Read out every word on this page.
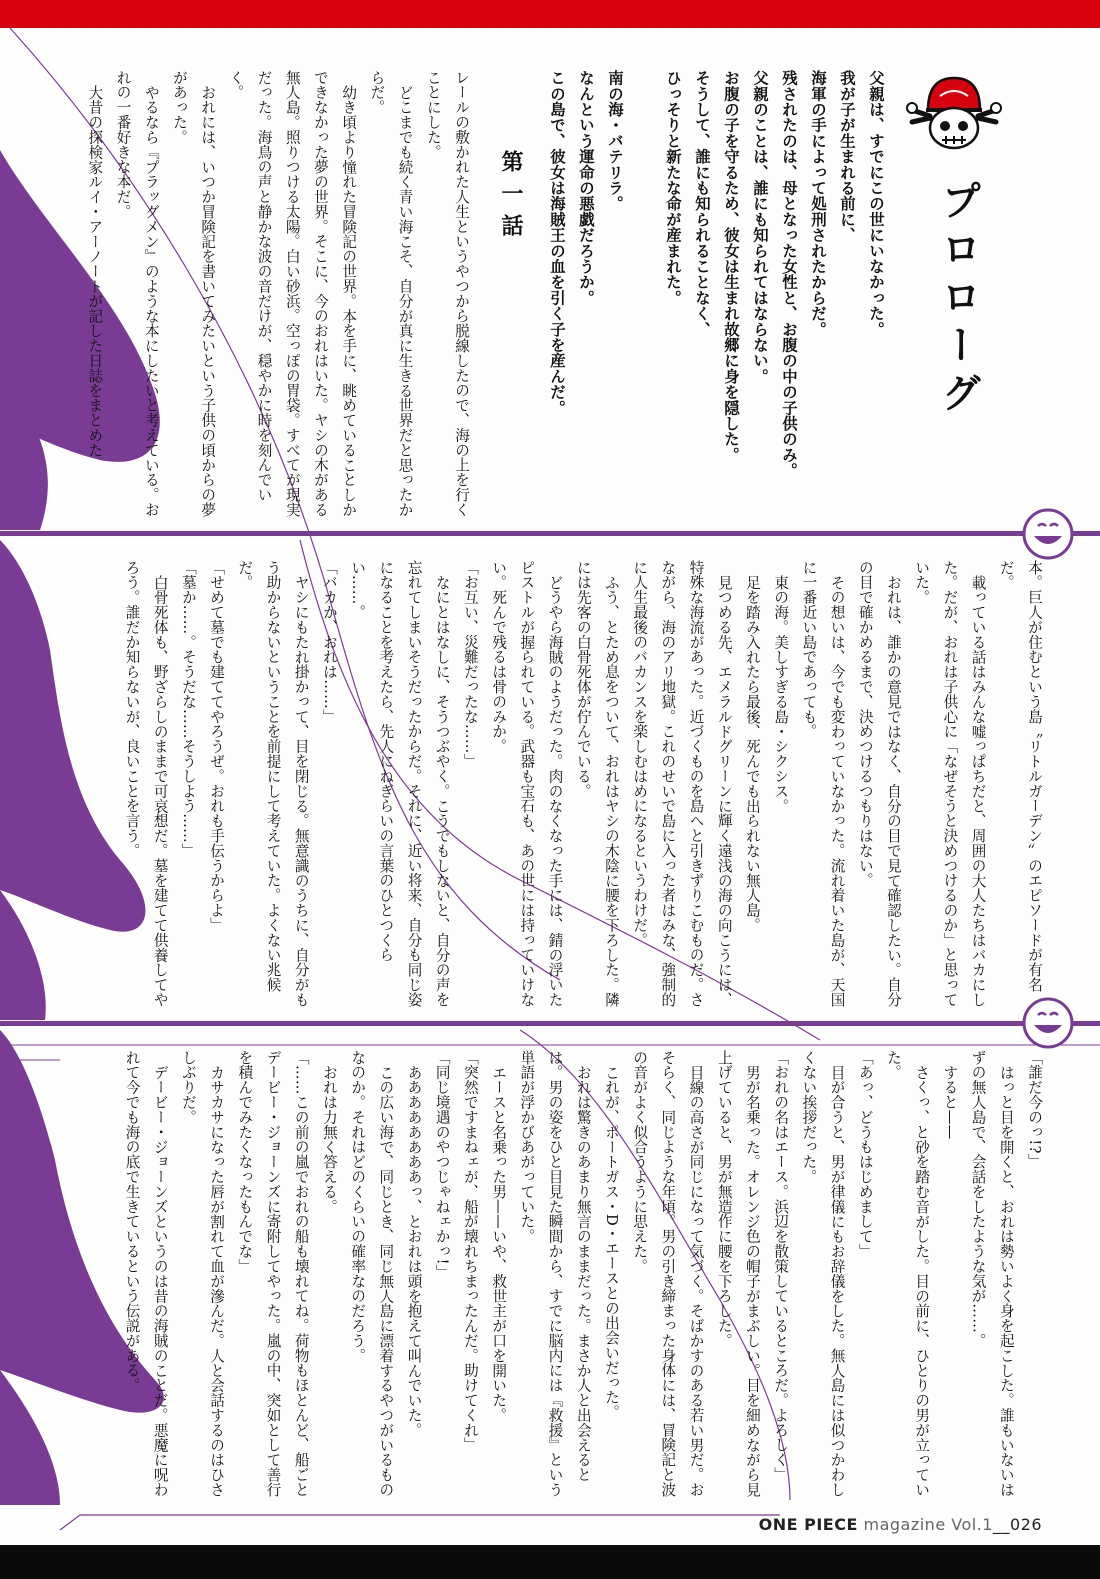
プロローグ

父親は、すでにこの世にいなかった。

我が子が生まれる前に、

海軍の手によって処刑されたからだ。

残されたのは、母となった女性と、お腹の中の子供のみ。

父親のことは、誰にも知られてはならない。

お腹の子を守るため、彼女は生まれ故郷に身を隠した。

そうして、誰にも知られることなく、

ひっそりと新たな命が産まれた。

南の海・バテリラ。

なんという運命の悪戯だろうか。

この島で、彼女は海賊王の血を引く子を産んだ。

第一話

レールの敷かれた人生というやつから脱線したので、海の上を行くことにした。

どこまでも続く青い海こそ、自分が真に生きる世界だと思ったからだ。

幼き頃より憧れた冒険記の世界。本を手に、眺めていることしかできなかった夢の世界。そこに、今のおれはいた。ヤシの木がある無人島。照りつける太陽。白い砂浜。空っぽの胃袋。すべてが現実だった。海鳥の声と静かな波の音だけが、穏やかに時を刻んでいく。

おれには、いつか冒険記を書いてみたいという子供の頃からの夢があった。

やるなら『プラッグメン』のような本にしたいと考えている。おれの一番好きな本だ。

大昔の探検家ルイ・アーノートが記した日誌をまとめた

本。巨人が住むという島〝リトルガーデン〟のエピソードが有名だ。

載っている話はみんな嘘っぱちだと、周囲の大人たちはバカにした。だが、おれは子供心に「なぜそうと決めつけるのか」と思っていた。

おれは、誰かの意見ではなく、自分の目で見て確認したい。自分の目で確かめるまで、決めつけるつもりはない。

その想いは、今でも変わっていなかった。流れ着いた島が、天国に一番近い島であっても。

東の海。美しすぎる島・シクシス。

足を踏み入れたら最後、死んでも出られない無人島。

見つめる先、エメラルドグリーンに輝く遠浅の海の向こうには、特殊な海流があった。近づくものを島へと引きずりこむものだ。さながら、海のアリ地獄。これのせいで島に入った者はみな、強制的に人生最後のバカンスを楽しむはめになるというわけだ。

ふう、とため息をついて、おれはヤシの木陰に腰を下ろした。隣には先客の白骨死体が佇んでいる。

どうやら海賊のようだった。肉のなくなった手には、錆の浮いたピストルが握られている。武器も宝石も、あの世には持っていけない。死んで残るは骨のみか。

「お互い、災難だったな……」

なにとはなしに、そうつぶやく。こうでもしないと、自分の声を忘れてしまいそうだったからだ。それに、近い将来、自分も同じ姿になることを考えたら、先人にねぎらいの言葉のひとつくらい……。

「バカか、おれは……」

ヤシにもたれ掛かって、目を閉じる。無意識のうちに、自分がもう助からないということを前提にして考えていた。よくない兆候だ。

「せめて墓でも建ててやろうぜ。おれも手伝うからよ」

「墓か……。そうだな……そうしよう……」

白骨死体も、野ざらしのままで可哀想だ。墓を建てて供養してやろう。誰だか知らないが、良いことを言う。

「誰だ今のっ!?」

はっと目を開くと、おれは勢いよく身を起こした。誰もいないはずの無人島で、会話をしたような気が……。

すると——

さくっ、と砂を踏む音がした。目の前に、ひとりの男が立っていた。

「あっ、どうもはじめまして」

目が合うと、男が律儀にもお辞儀をした。無人島には似つかわしくない挨拶だった。

「おれの名はエース。浜辺を散策しているところだ。よろしく」

男が名乗った。オレンジ色の帽子がまぶしい。目を細めながら見上げていると、男が無造作に腰を下ろした。

目線の高さが同じになって気づく。そばかすのある若い男だ。おそらく、同じような年頃。男の引き締まった身体には、冒険記と波の音がよく似合うように思えた。

これが、ポートガス・D・エースとの出会いだった。

おれは驚きのあまり無言のままだった。まさか人と出会えるとは。男の姿をひと目見た瞬間から、すでに脳内には『救援』という単語が浮かびあがっていた。

エースと名乗った男——いや、救世主が口を開いた。

「突然ですまねェが、船が壊れちまったんだ。助けてくれ」

「同じ境遇のやつじゃねェかっ!」

ああああああああっ、とおれは頭を抱えて叫んでいた。

この広い海で、同じとき、同じ無人島に漂着するやつがいるものなのか。それはどのくらいの確率なのだろう。

おれは力無く答える。

「……この前の嵐でおれの船も壊れてね。荷物もほとんど、船ごとデービー・ジョーンズに寄附してやった。嵐の中、突如として善行を積んでみたくなったもんでな」

カサカサになった唇が割れて血が滲んだ。人と会話するのはひさしぶりだ。

デービー・ジョーンズというのは昔の海賊のことだ。悪魔に呪われて今でも海の底で生きているという伝説がある。

ONE PIECE magazine Vol.1__026
